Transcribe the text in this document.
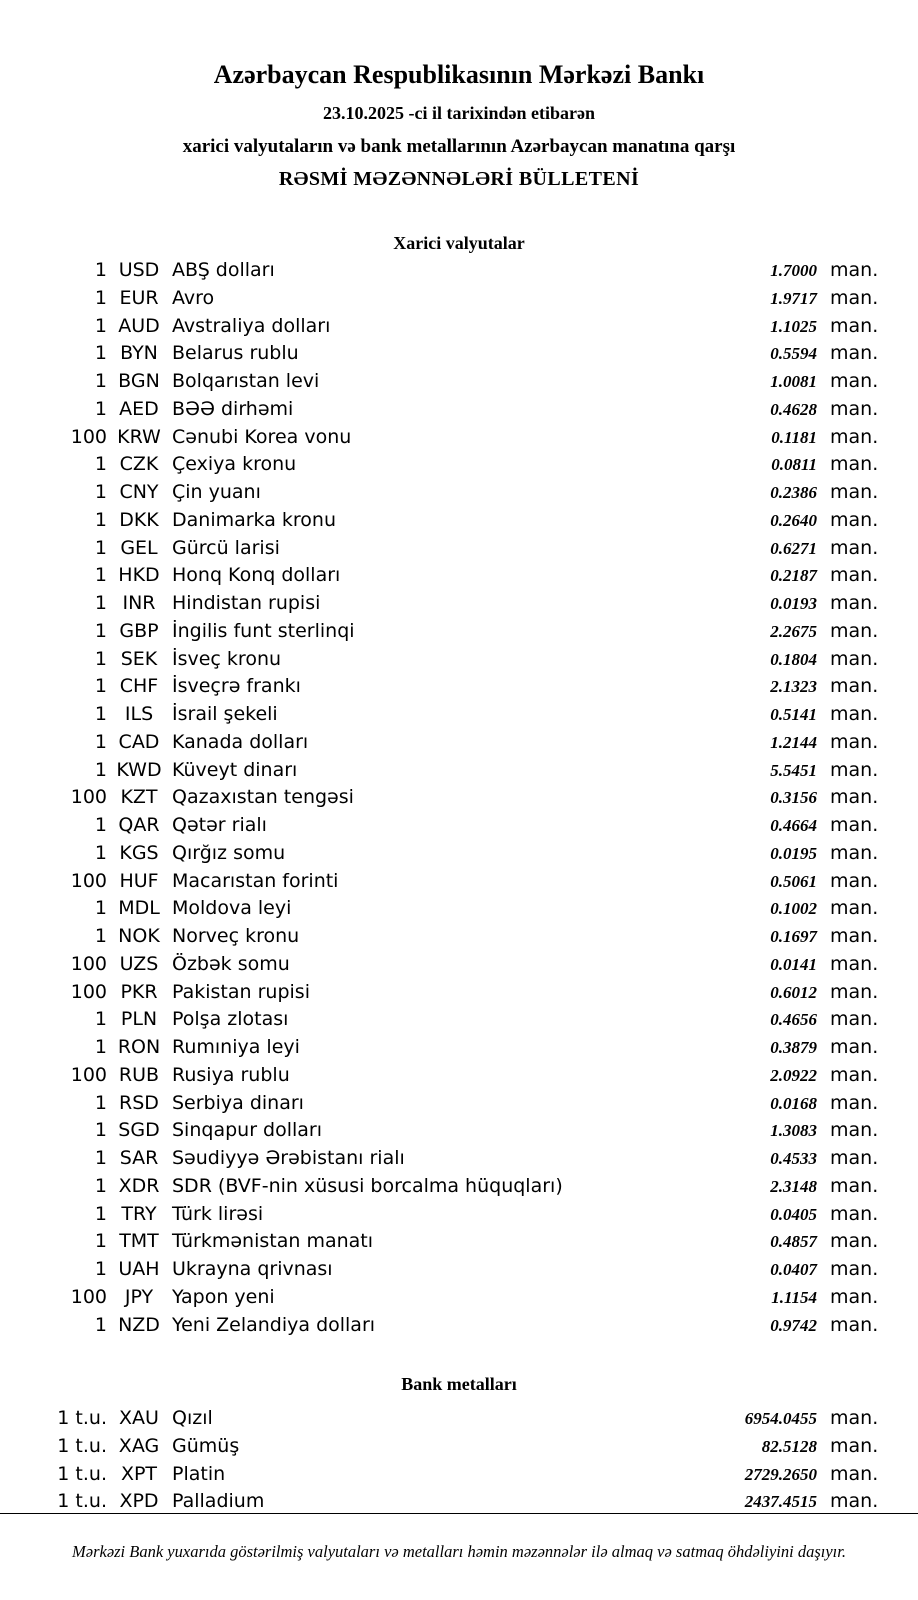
Azərbaycan Respublikasının Mərkəzi Bankı
23.10.2025 -ci il tarixindən etibarən
xarici valyutaların və bank metallarının Azərbaycan manatına qarşı
RƏSMİ MƏZƏNNƏLƏRİ BÜLLETENİ
Xarici valyutalar
1 USD ABŞ dolları	1.7000 man.
1 EUR Avro	1.9717 man.
1 AUD Avstraliya dolları	1.1025 man.
1 BYN Belarus rublu	0.5594 man.
1 BGN Bolqarıstan levi	1.0081 man.
1 AED BƏƏ dirhəmi	0.4628 man.
100 KRW Cənubi Korea vonu	0.1181 man.
1 CZK Çexiya kronu	0.0811 man.
1 CNY Çin yuanı	0.2386 man.
1 DKK Danimarka kronu	0.2640 man.
1 GEL Gürcü larisi	0.6271 man.
1 HKD Honq Konq dolları	0.2187 man.
1 INR Hindistan rupisi	0.0193 man.
1 GBP İngilis funt sterlinqi	2.2675 man.
1 SEK İsveç kronu	0.1804 man.
1 CHF İsveçrə frankı	2.1323 man.
1 ILS İsrail şekeli	0.5141 man.
1 CAD Kanada dolları	1.2144 man.
1 KWD Küveyt dinarı	5.5451 man.
100 KZT Qazaxıstan tengəsi	0.3156 man.
1 QAR Qətər rialı	0.4664 man.
1 KGS Qırğız somu	0.0195 man.
100 HUF Macarıstan forinti	0.5061 man.
1 MDL Moldova leyi	0.1002 man.
1 NOK Norveç kronu	0.1697 man.
100 UZS Özbək somu	0.0141 man.
100 PKR Pakistan rupisi	0.6012 man.
1 PLN Polşa zlotası	0.4656 man.
1 RON Rumıniya leyi	0.3879 man.
100 RUB Rusiya rublu	2.0922 man.
1 RSD Serbiya dinarı	0.0168 man.
1 SGD Sinqapur dolları	1.3083 man.
1 SAR Səudiyyə Ərəbistanı rialı	0.4533 man.
1 XDR SDR (BVF-nin xüsusi borcalma hüquqları)	2.3148 man.
1 TRY Türk lirəsi	0.0405 man.
1 TMT Türkmənistan manatı	0.4857 man.
1 UAH Ukrayna qrivnası	0.0407 man.
100 JPY Yapon yeni	1.1154 man.
1 NZD Yeni Zelandiya dolları	0.9742 man.
Bank metalları
1 t.u. XAU Qızıl	6954.0455 man.
1 t.u. XAG Gümüş	82.5128 man.
1 t.u. XPT Platin	2729.2650 man.
1 t.u. XPD Palladium	2437.4515 man.
Mərkəzi Bank yuxarıda göstərilmiş valyutaları və metalları həmin məzənnələr ilə almaq və satmaq öhdəliyini daşıyır.
